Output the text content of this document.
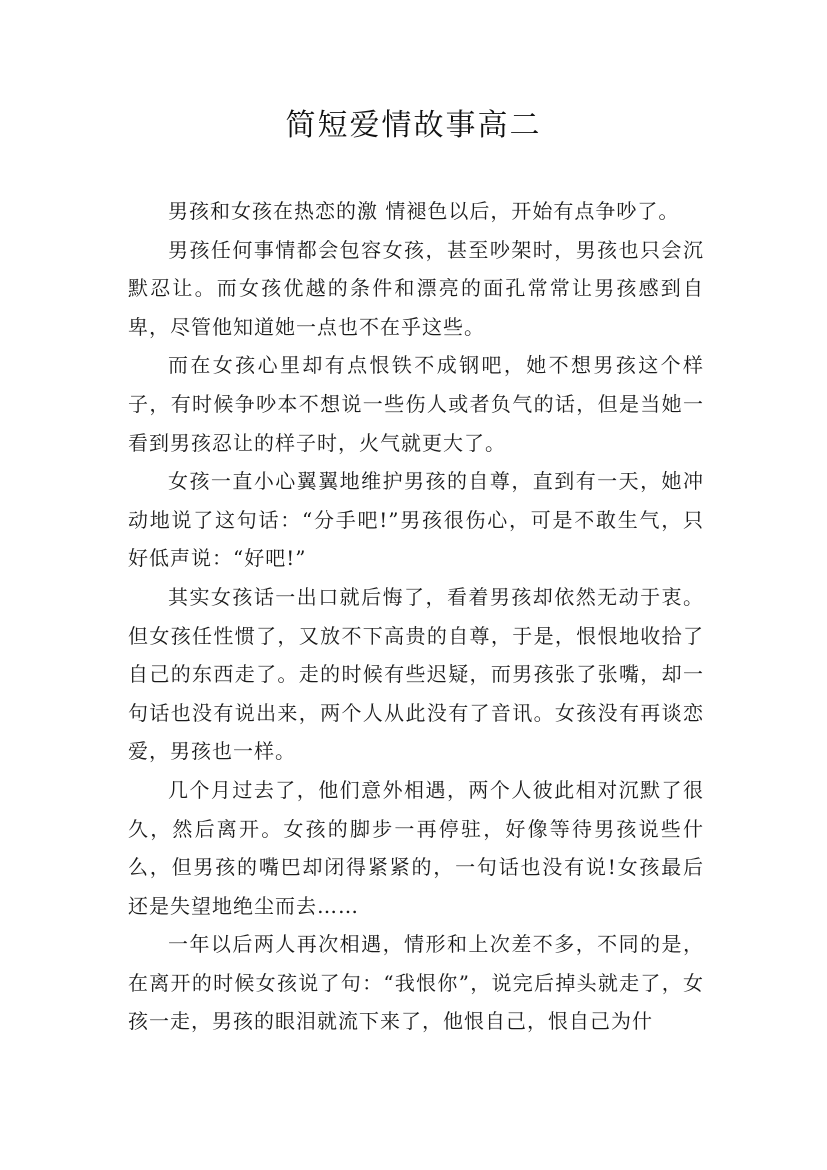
简短爱情故事高二

男孩和女孩在热恋的激 情褪色以后，开始有点争吵了。

男孩任何事情都会包容女孩，甚至吵架时，男孩也只会沉默忍让。而女孩优越的条件和漂亮的面孔常常让男孩感到自卑，尽管他知道她一点也不在乎这些。

而在女孩心里却有点恨铁不成钢吧，她不想男孩这个样子，有时候争吵本不想说一些伤人或者负气的话，但是当她一看到男孩忍让的样子时，火气就更大了。

女孩一直小心翼翼地维护男孩的自尊，直到有一天，她冲动地说了这句话：“分手吧!”男孩很伤心，可是不敢生气，只好低声说：“好吧!”

其实女孩话一出口就后悔了，看着男孩却依然无动于衷。但女孩任性惯了，又放不下高贵的自尊，于是，恨恨地收拾了自己的东西走了。走的时候有些迟疑，而男孩张了张嘴，却一句话也没有说出来，两个人从此没有了音讯。女孩没有再谈恋爱，男孩也一样。

几个月过去了，他们意外相遇，两个人彼此相对沉默了很久，然后离开。女孩的脚步一再停驻，好像等待男孩说些什么，但男孩的嘴巴却闭得紧紧的，一句话也没有说!女孩最后还是失望地绝尘而去……

一年以后两人再次相遇，情形和上次差不多，不同的是，在离开的时候女孩说了句：“我恨你”，说完后掉头就走了，女孩一走，男孩的眼泪就流下来了，他恨自己，恨自己为什
